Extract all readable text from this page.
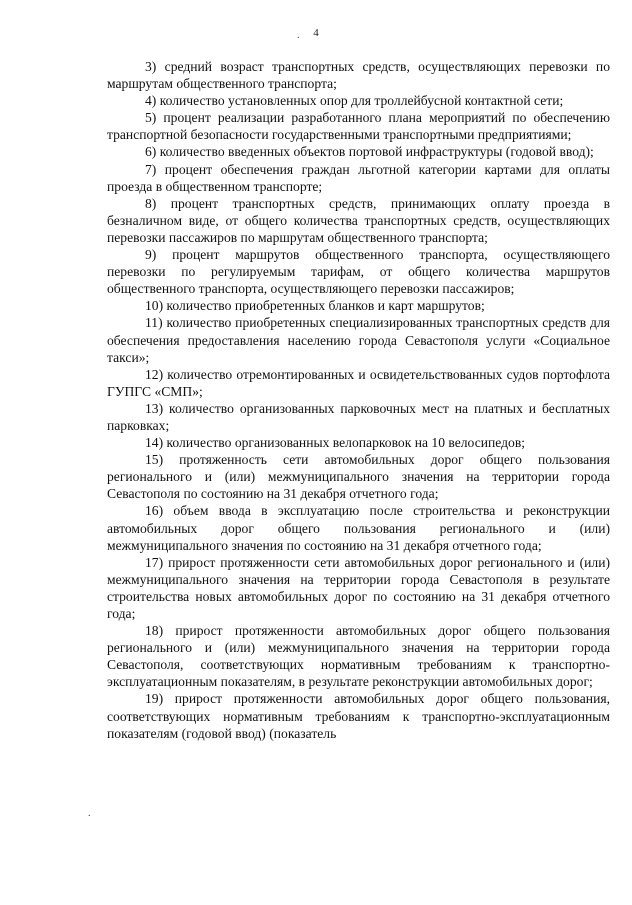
4
.
.

3) средний возраст транспортных средств, осуществляющих перевозки по маршрутам общественного транспорта;

4) количество установленных опор для троллейбусной контактной сети;

5) процент реализации разработанного плана мероприятий по обеспечению транспортной безопасности государственными транспортными предприятиями;

6) количество введенных объектов портовой инфраструктуры (годовой ввод);

7) процент обеспечения граждан льготной категории картами для оплаты проезда в общественном транспорте;

8) процент транспортных средств, принимающих оплату проезда в безналичном виде, от общего количества транспортных средств, осуществляющих перевозки пассажиров по маршрутам общественного транспорта;

9) процент маршрутов общественного транспорта, осуществляющего перевозки по регулируемым тарифам, от общего количества маршрутов общественного транспорта, осуществляющего перевозки пассажиров;

10) количество приобретенных бланков и карт маршрутов;

11) количество приобретенных специализированных транспортных средств для обеспечения предоставления населению города Севастополя услуги «Социальное такси»;

12) количество отремонтированных и освидетельствованных судов портофлота ГУПГС «СМП»;

13) количество организованных парковочных мест на платных и бесплатных парковках;

14) количество организованных велопарковок на 10 велосипедов;

15) протяженность сети автомобильных дорог общего пользования регионального и (или) межмуниципального значения на территории города Севастополя по состоянию на 31 декабря отчетного года;

16) объем ввода в эксплуатацию после строительства и реконструкции автомобильных дорог общего пользования регионального и (или) межмуниципального значения по состоянию на 31 декабря отчетного года;

17) прирост протяженности сети автомобильных дорог регионального и (или) межмуниципального значения на территории города Севастополя в результате строительства новых автомобильных дорог по состоянию на 31 декабря отчетного года;

18) прирост протяженности автомобильных дорог общего пользования регионального и (или) межмуниципального значения на территории города Севастополя, соответствующих нормативным требованиям к транспортно-эксплуатационным показателям, в результате реконструкции автомобильных дорог;

19) прирост протяженности автомобильных дорог общего пользования, соответствующих нормативным требованиям к транспортно-эксплуатационным показателям (годовой ввод) (показатель
